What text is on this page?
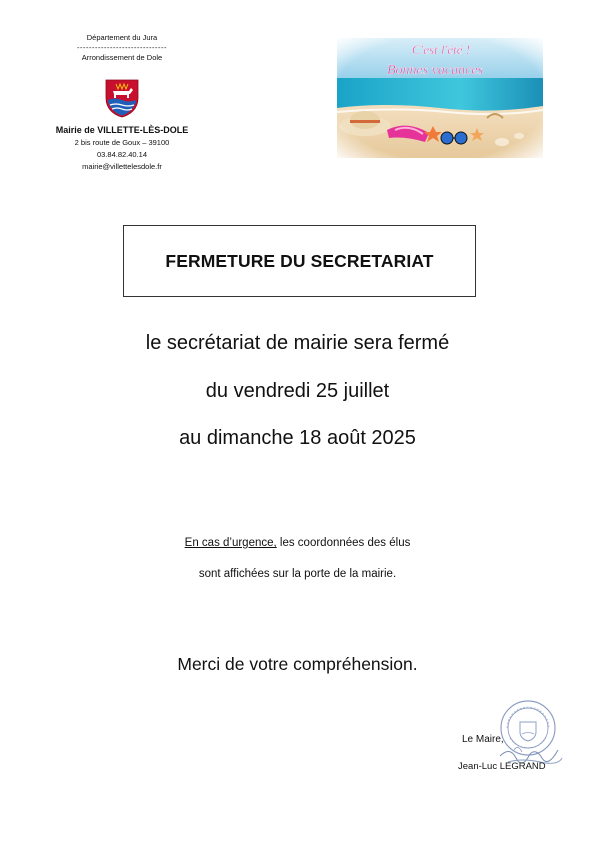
Département du Jura
------------------------------
Arrondissement de Dole
Mairie de VILLETTE-LÈS-DOLE
2 bis route de Goux – 39100
03.84.82.40.14
mairie@villettelesdole.fr
FERMETURE DU SECRETARIAT
le secrétariat de mairie sera fermé
du vendredi 25 juillet
au dimanche 18 août 2025
En cas d’urgence, les coordonnées des élus
sont affichées sur la porte de la mairie.
Merci de votre compréhension.
Le Maire,
Jean-Luc LEGRAND
